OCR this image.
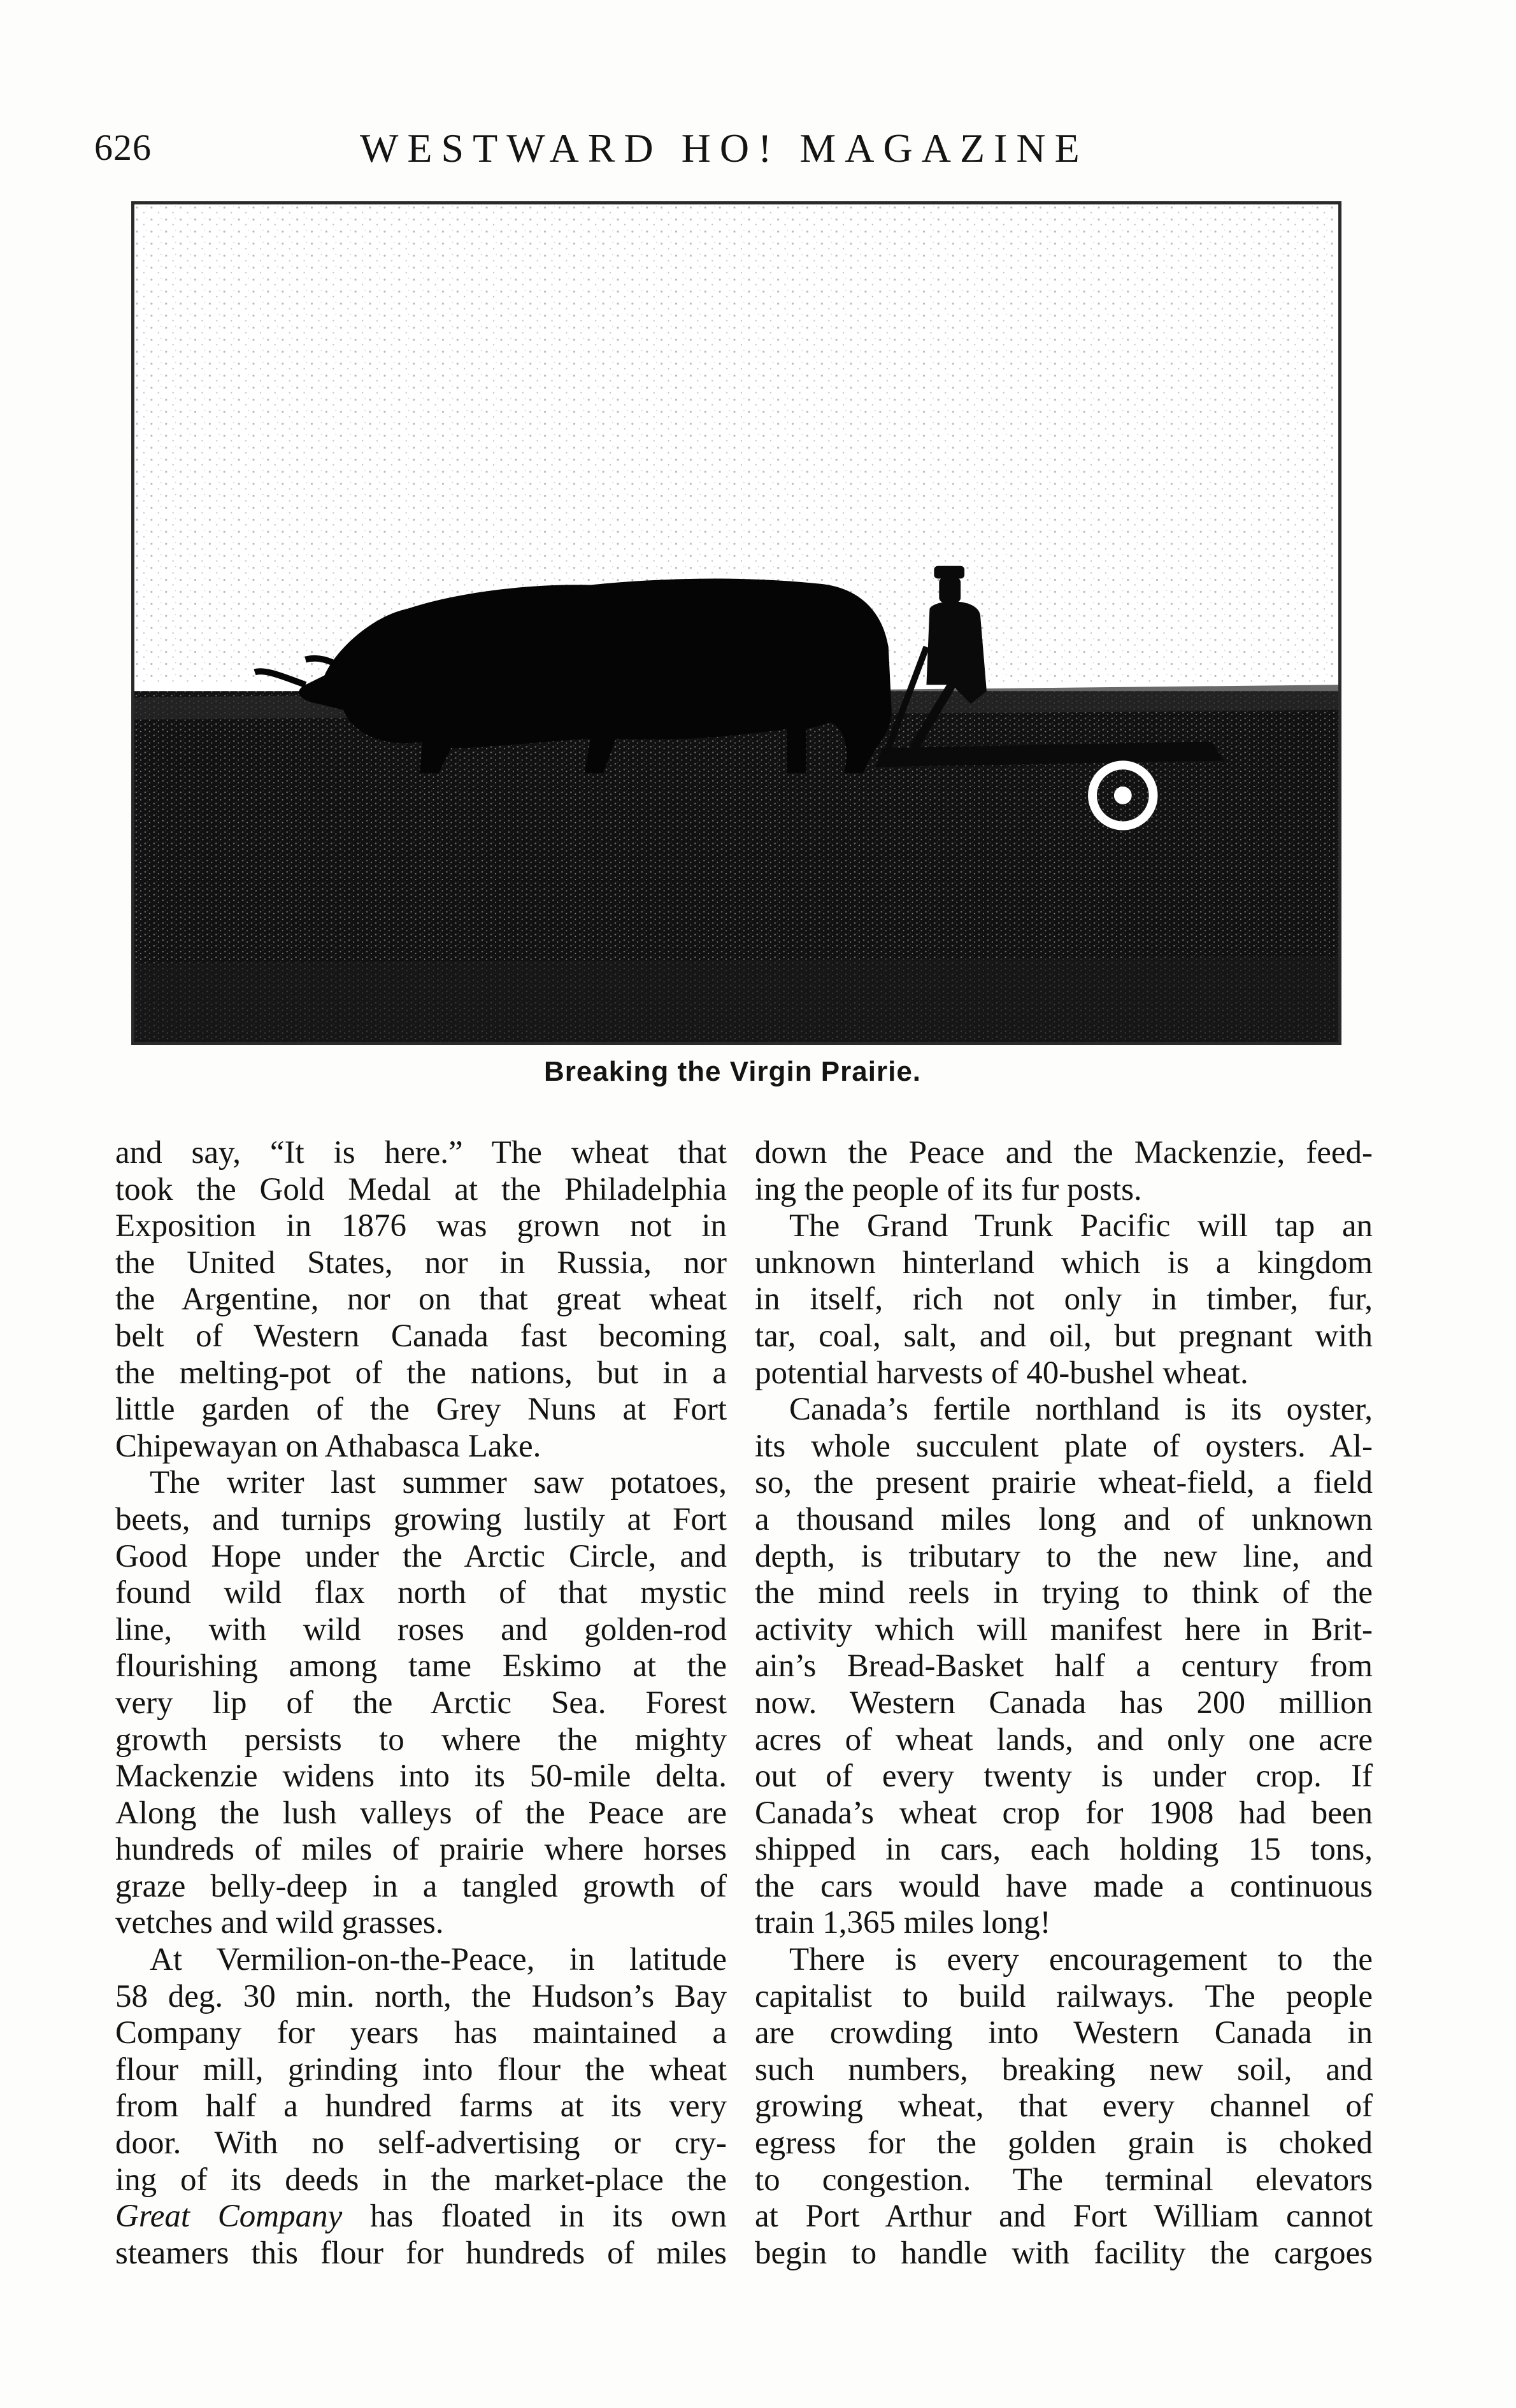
626	WESTWARD HO! MAGAZINE
Breaking the Virgin Prairie.
and say, “It is here.” The wheat that
took the Gold Medal at the Philadelphia
Exposition in 1876 was grown not in
the United States, nor in Russia, nor
the Argentine, nor on that great wheat
belt of Western Canada fast becoming
the melting-pot of the nations, but in a
little garden of the Grey Nuns at Fort
Chipewayan on Athabasca Lake.
The writer last summer saw potatoes,
beets, and turnips growing lustily at Fort
Good Hope under the Arctic Circle, and
found wild flax north of that mystic
line, with wild roses and golden-rod
flourishing among tame Eskimo at the
very lip of the Arctic Sea. Forest
growth persists to where the mighty
Mackenzie widens into its 50-mile delta.
Along the lush valleys of the Peace are
hundreds of miles of prairie where horses
graze belly-deep in a tangled growth of
vetches and wild grasses.
At Vermilion-on-the-Peace, in latitude
58 deg. 30 min. north, the Hudson’s Bay
Company for years has maintained a
flour mill, grinding into flour the wheat
from half a hundred farms at its very
door. With no self-advertising or cry-
ing of its deeds in the market-place the
Great Company has floated in its own
steamers this flour for hundreds of miles
down the Peace and the Mackenzie, feed-
ing the people of its fur posts.
The Grand Trunk Pacific will tap an
unknown hinterland which is a kingdom
in itself, rich not only in timber, fur,
tar, coal, salt, and oil, but pregnant with
potential harvests of 40-bushel wheat.
Canada’s fertile northland is its oyster,
its whole succulent plate of oysters. Al-
so, the present prairie wheat-field, a field
a thousand miles long and of unknown
depth, is tributary to the new line, and
the mind reels in trying to think of the
activity which will manifest here in Brit-
ain’s Bread-Basket half a century from
now. Western Canada has 200 million
acres of wheat lands, and only one acre
out of every twenty is under crop. If
Canada’s wheat crop for 1908 had been
shipped in cars, each holding 15 tons,
the cars would have made a continuous
train 1,365 miles long!
There is every encouragement to the
capitalist to build railways. The people
are crowding into Western Canada in
such numbers, breaking new soil, and
growing wheat, that every channel of
egress for the golden grain is choked
to congestion. The terminal elevators
at Port Arthur and Fort William cannot
begin to handle with facility the cargoes
